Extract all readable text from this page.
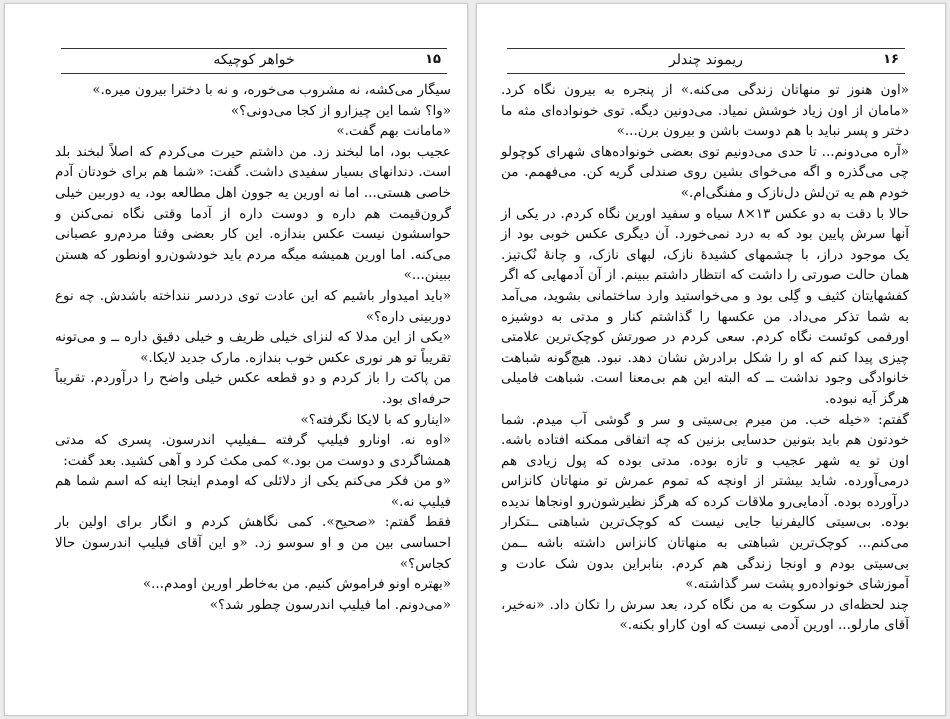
۱۵
خواهر کوچیکه

سیگار می‌کشه، نه مشروب می‌خوره، و نه با دخترا بیرون میره.»

«وا؟ شما این چیزارو از کجا می‌دونی؟»

«مامانت بهم گفت.»

عجیب بود، اما لبخند زد. من داشتم حیرت می‌کردم که اصلاً لبخند بلد است. دندانهای بسیار سفیدی داشت. گفت: «شما هم برای خودتان آدم خاصی هستی... اما نه اورین یه جوون اهل مطالعه بود، یه دوربین خیلی گرون‌قیمت هم داره و دوست داره از آدما وقتی نگاه نمی‌کنن و حواسشون نیست عکس بندازه. این کار بعضی وقتا مردم‌رو عصبانی می‌کنه. اما اورین همیشه میگه مردم باید خودشون‌رو اونطور که هستن ببینن...»

«باید امیدوار باشیم که این عادت توی دردسر ننداخته باشدش. چه نوع دوربینی داره؟»

«یکی از این مدلا که لنزای خیلی ظریف و خیلی دقیق داره ــ و می‌تونه تقریباً تو هر نوری عکس خوب بندازه. مارک جدید لایکا.»

من پاکت را باز کردم و دو قطعه عکس خیلی واضح را درآوردم. تقریباً حرفه‌ای بود.

«اینارو که با لایکا نگرفته؟»

«اوه نه. اونارو فیلیپ گرفته ــفیلیپ اندرسون. پسری که مدتی همشاگردی و دوست من بود.» کمی مکث کرد و آهی کشید. بعد گفت:

«و من فکر می‌کنم یکی از دلائلی که اومدم اینجا اینه که اسم شما هم فیلیپ‌ نه.»

فقط گفتم: «صحیح». کمی نگاهش کردم و انگار برای اولین بار احساسی بین من و او سوسو زد. «و این آقای فیلیپ اندرسون حالا کجاس؟»

«بهتره اونو فراموش کنیم. من به‌خاطر اورین اومدم...»

«می‌دونم. اما فیلیپ اندرسون چطور شد؟»

۱۶
ریموند چندلر

«اون هنوز تو منهاتان زندگی می‌کنه.» از پنجره به بیرون نگاه کرد. «مامان از اون زیاد خوشش نمیاد. می‌دونین دیگه. توی خونواده‌ای مثه ما دختر و پسر نباید با هم دوست باشن و بیرون برن...»

«آره می‌دونم... تا حدی می‌دونیم توی بعضی خونواده‌های شهرای کوچولو چی می‌گذره و اگه می‌خوای بشین روی صندلی گریه کن. می‌فهمم. من خودم هم یه تن‌لش دل‌نازک و مفنگی‌ام.»

حالا با دقت به دو عکس ۱۳×۸ سیاه و سفید اورین نگاه کردم. در یکی از آنها سرش پایین بود که به درد نمی‌خورد. آن دیگری عکس خوبی بود از یک موجود دراز، با چشمهای کشیدهٔ نازک، لبهای نازک، و چانهٔ نُک‌تیز. همان حالت صورتی را داشت که انتظار داشتم ببینم. از آن آدمهایی که اگر کفشهایتان کثیف و گِلی بود و می‌خواستید وارد ساختمانی بشوید، می‌آمد به شما تذکر می‌داد. من عکسها را گذاشتم کنار و مدتی به دوشیزه اورفمی کوئست نگاه کردم. سعی کردم در صورتش کوچک‌ترین علامتی چیزی پیدا کنم که او را شکل برادرش نشان دهد. نبود. هیچ‌گونه شباهت خانوادگی وجود نداشت ــ که البته این هم بی‌معنا است. شباهت فامیلی هرگز آیه نبوده.

گفتم: «خیله خب. من میرم بی‌سیتی و سر و گوشی آب میدم. شما خودتون هم باید بتونین حدسایی بزنین که چه اتفاقی ممکنه افتاده باشه. اون تو یه شهر عجیب و تازه بوده. مدتی بوده که پول زیادی هم درمی‌آورده. شاید بیشتر از اونچه که تموم عمرش تو منهاتان کانزاس درآورده بوده. آدمایی‌رو ملاقات کرده که هرگز نظیرشون‌رو اونجاها ندیده بوده. بی‌سیتی کالیفرنیا جایی نیست که کوچک‌ترین شباهتی ــتکرار می‌کنم... کوچک‌ترین شباهتی به منهاتان کانزاس داشته باشه ــمن بی‌سیتی بودم و اونجا زندگی هم کردم. بنابراین بدون شک عادت و آموزشای خونواده‌رو پشت سر گذاشته.»

چند لحظه‌ای در سکوت به من نگاه کرد، بعد سرش را تکان داد. «نه‌خیر، آقای مارلو... اورین آدمی نیست که اون کاراو بکنه.»
